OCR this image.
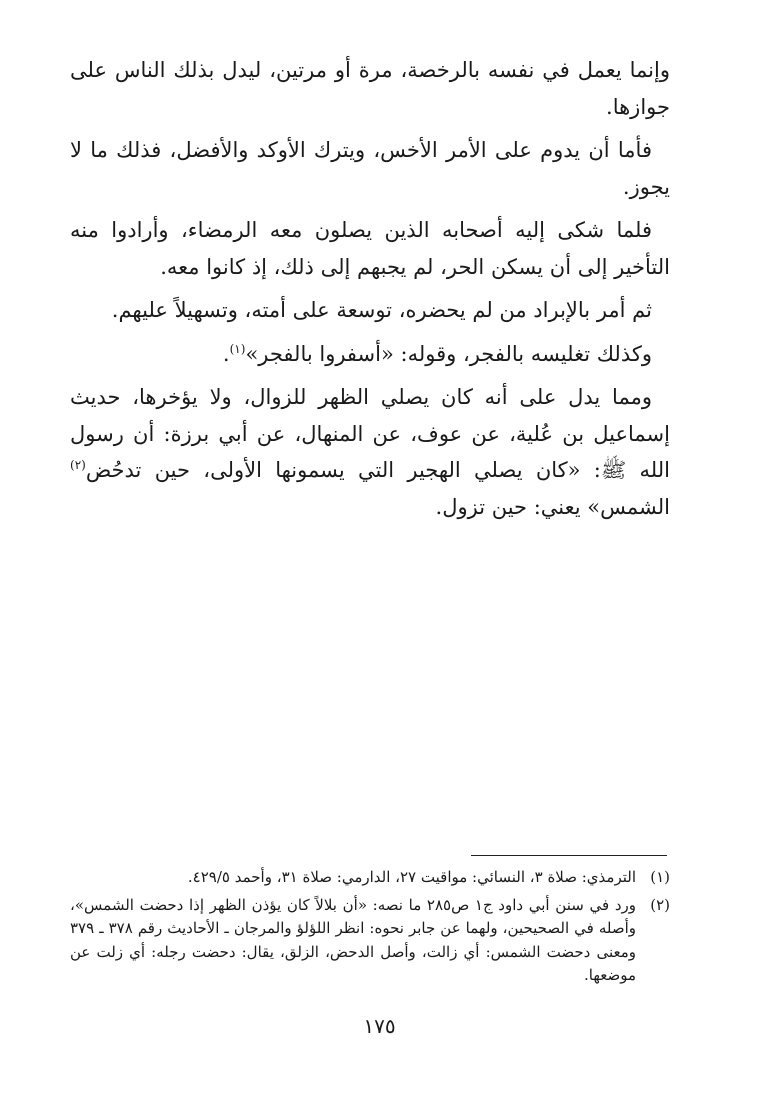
وإنما يعمل في نفسه بالرخصة، مرة أو مرتين، ليدل بذلك الناس على جوازها.

فأما أن يدوم على الأمر الأخس، ويترك الأوكد والأفضل، فذلك ما لا يجوز.

فلما شكى إليه أصحابه الذين يصلون معه الرمضاء، وأرادوا منه التأخير إلى أن يسكن الحر، لم يجبهم إلى ذلك، إذ كانوا معه.

ثم أمر بالإبراد من لم يحضره، توسعة على أمته، وتسهيلاً عليهم.

وكذلك تغليسه بالفجر، وقوله: «أسفروا بالفجر»$^{(١)}$.

ومما يدل على أنه كان يصلي الظهر للزوال، ولا يؤخرها، حديث إسماعيل بن عُلية، عن عوف، عن المنهال، عن أبي برزة: أن رسول الله ﷺ: «كان يصلي الهجير التي يسمونها الأولى، حين تدحُض$^{(٢)}$ الشمس» يعني: حين تزول.

(١)
الترمذي: صلاة ٣، النسائي: مواقيت ٢٧، الدارمي: صلاة ٣١، وأحمد ٤٢٩/٥.
(٢)
ورد في سنن أبي داود ج١ ص٢٨٥ ما نصه: «أن بلالاً كان يؤذن الظهر إذا دحضت الشمس»، وأصله في الصحيحين، ولهما عن جابر نحوه: انظر اللؤلؤ والمرجان ـ الأحاديث رقم ٣٧٨ ـ ٣٧٩ ومعنى دحضت الشمس: أي زالت، وأصل الدحض، الزلق، يقال: دحضت رجله: أي زلت عن موضعها.
١٧٥
